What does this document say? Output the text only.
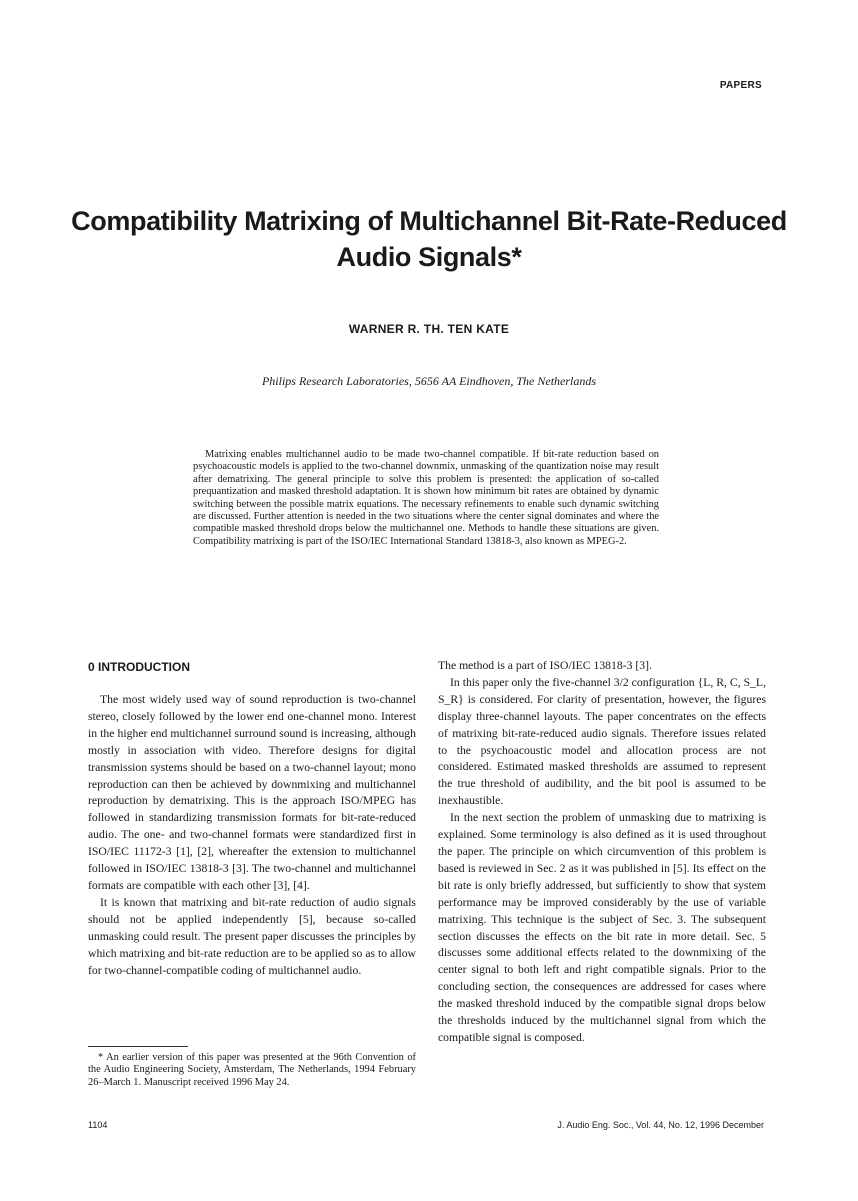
PAPERS
Compatibility Matrixing of Multichannel Bit-Rate-Reduced Audio Signals*
WARNER R. TH. TEN KATE
Philips Research Laboratories, 5656 AA Eindhoven, The Netherlands

Matrixing enables multichannel audio to be made two-channel compatible. If bit-rate reduction based on psychoacoustic models is applied to the two-channel downmix, unmasking of the quantization noise may result after dematrixing. The general principle to solve this problem is presented: the application of so-called prequantization and masked threshold adaptation. It is shown how minimum bit rates are obtained by dynamic switching between the possible matrix equations. The necessary refinements to enable such dynamic switching are discussed. Further attention is needed in the two situations where the center signal dominates and where the compatible masked threshold drops below the multichannel one. Methods to handle these situations are given. Compatibility matrixing is part of the ISO/IEC International Standard 13818-3, also known as MPEG-2.

0 INTRODUCTION

The most widely used way of sound reproduction is two-channel stereo, closely followed by the lower end one-channel mono. Interest in the higher end multichannel surround sound is increasing, although mostly in association with video. Therefore designs for digital transmission systems should be based on a two-channel layout; mono reproduction can then be achieved by downmixing and multichannel reproduction by dematrixing. This is the approach ISO/MPEG has followed in standardizing transmission formats for bit-rate-reduced audio. The one- and two-channel formats were standardized first in ISO/IEC 11172-3 [1], [2], whereafter the extension to multichannel followed in ISO/IEC 13818-3 [3]. The two-channel and multichannel formats are compatible with each other [3], [4].

It is known that matrixing and bit-rate reduction of audio signals should not be applied independently [5], because so-called unmasking could result. The present paper discusses the principles by which matrixing and bit-rate reduction are to be applied so as to allow for two-channel-compatible coding of multichannel audio.

The method is a part of ISO/IEC 13818-3 [3].

In this paper only the five-channel 3/2 configuration {L, R, C, S_L, S_R} is considered. For clarity of presentation, however, the figures display three-channel layouts. The paper concentrates on the effects of matrixing bit-rate-reduced audio signals. Therefore issues related to the psychoacoustic model and allocation process are not considered. Estimated masked thresholds are assumed to represent the true threshold of audibility, and the bit pool is assumed to be inexhaustible.

In the next section the problem of unmasking due to matrixing is explained. Some terminology is also defined as it is used throughout the paper. The principle on which circumvention of this problem is based is reviewed in Sec. 2 as it was published in [5]. Its effect on the bit rate is only briefly addressed, but sufficiently to show that system performance may be improved considerably by the use of variable matrixing. This technique is the subject of Sec. 3. The subsequent section discusses the effects on the bit rate in more detail. Sec. 5 discusses some additional effects related to the downmixing of the center signal to both left and right compatible signals. Prior to the concluding section, the consequences are addressed for cases where the masked threshold induced by the compatible signal drops below the thresholds induced by the multichannel signal from which the compatible signal is composed.

* An earlier version of this paper was presented at the 96th Convention of the Audio Engineering Society, Amsterdam, The Netherlands, 1994 February 26–March 1. Manuscript received 1996 May 24.

1104	J. Audio Eng. Soc., Vol. 44, No. 12, 1996 December
